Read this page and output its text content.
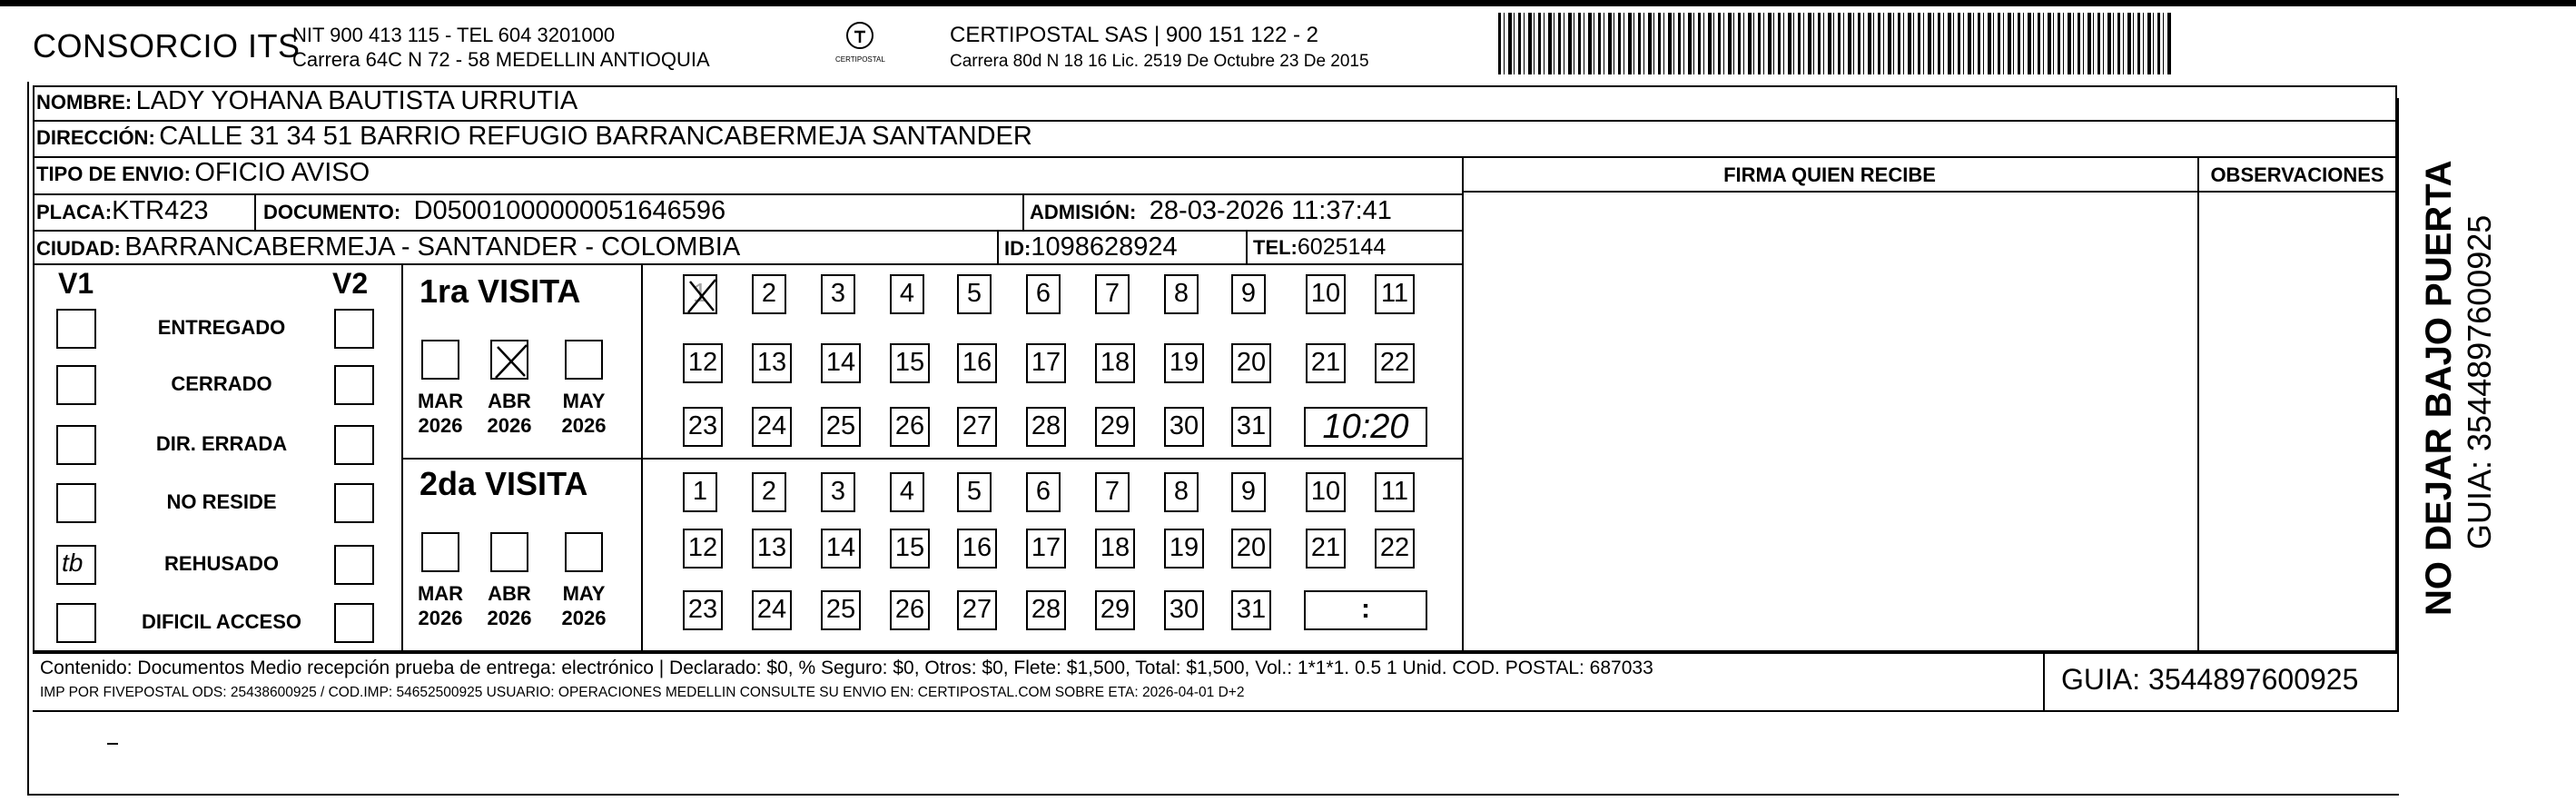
CONSORCIO ITS
NIT 900 413 115 - TEL 604 3201000
Carrera 64C N 72 - 58 MEDELLIN ANTIOQUIA	CERTIPOSTAL
CERTIPOSTAL SAS | 900 151 122 - 2
Carrera 80d N 18 16 Lic. 2519 De Octubre 23 De 2015
NOMBRE: LADY YOHANA BAUTISTA URRUTIA
DIRECCIÓN: CALLE 31 34 51 BARRIO REFUGIO BARRANCABERMEJA SANTANDER
FIRMA QUIEN RECIBE	OBSERVACIONES
TIPO DE ENVIO: OFICIO AVISO
PLACA:KTR423	DOCUMENTO: D05001000000051646596	ADMISIÓN: 28-03-2026 11:37:41
CIUDAD: BARRANCABERMEJA - SANTANDER - COLOMBIA	ID:1098628924	TEL:6025144
V1	V2
ENTREGADO
CERRADO
DIR. ERRADA
NO RESIDE
tb	REHUSADO
DIFICIL ACCESO
1ra VISITA
MAR
2026
ABR
2026
MAY
2026
1	2	3	4	5	6	7	8	9	10 11
12 13 14 15 16 17 18 19 20 21 22
23 24 25 26 27 28 29 30 31	10:20
2da VISITA
MAR
2026
ABR
2026
MAY
2026
1	2	3	4	5	6	7	8	9	10 11
12 13 14 15 16 17 18 19 20 21 22
23 24 25 26 27 28 29 30 31	:
Contenido: Documentos Medio recepción prueba de entrega: electrónico | Declarado: $0, % Seguro: $0, Otros: $0, Flete: $1,500, Total: $1,500, Vol.: 1*1*1. 0.5 1 Unid. COD. POSTAL: 687033
IMP POR FIVEPOSTAL ODS: 25438600925 / COD.IMP: 54652500925 USUARIO: OPERACIONES MEDELLIN CONSULTE SU ENVIO EN: CERTIPOSTAL.COM SOBRE ETA: 2026-04-01 D+2	GUIA: 3544897600925
NO DEJAR BAJO PUERTA GUIA: 3544897600925
